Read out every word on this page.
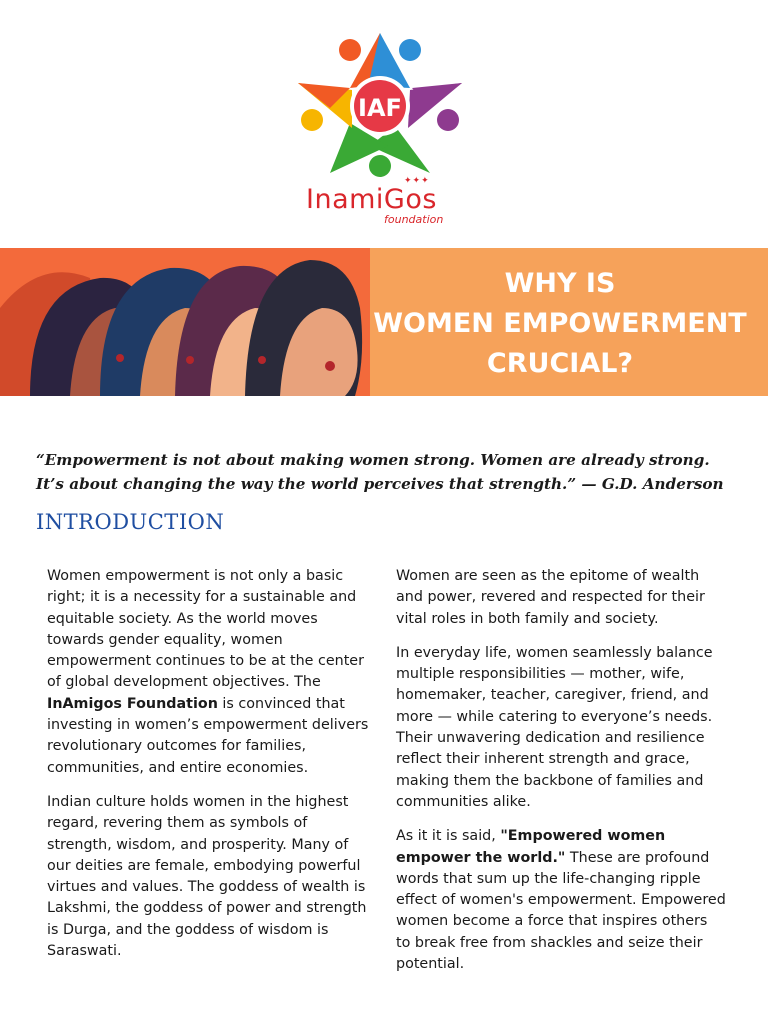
IAF
✦✦✦
InamiGos
foundation
WHY IS
WOMEN EMPOWERMENT
CRUCIAL?
“Empowerment is not about making women strong. Women are already strong. It’s about changing the way the world perceives that strength.” — G.D. Anderson
INTRODUCTION

Women empowerment is not only a basic right; it is a necessity for a sustainable and equitable society. As the world moves towards gender equality, women empowerment continues to be at the center of global development objectives. The InAmigos Foundation is convinced that investing in women’s empowerment delivers revolutionary outcomes for families, communities, and entire economies.

Indian culture holds women in the highest regard, revering them as symbols of strength, wisdom, and prosperity. Many of our deities are female, embodying powerful virtues and values. The goddess of wealth is Lakshmi, the goddess of power and strength is Durga, and the goddess of wisdom is Saraswati.

Women are seen as the epitome of wealth and power, revered and respected for their vital roles in both family and society.

In everyday life, women seamlessly balance multiple responsibilities — mother, wife, homemaker, teacher, caregiver, friend, and more — while catering to everyone’s needs. Their unwavering dedication and resilience reflect their inherent strength and grace, making them the backbone of families and communities alike.

As it it is said, "Empowered women empower the world." These are profound words that sum up the life-changing ripple effect of women's empowerment. Empowered women become a force that inspires others to break free from shackles and seize their potential.
